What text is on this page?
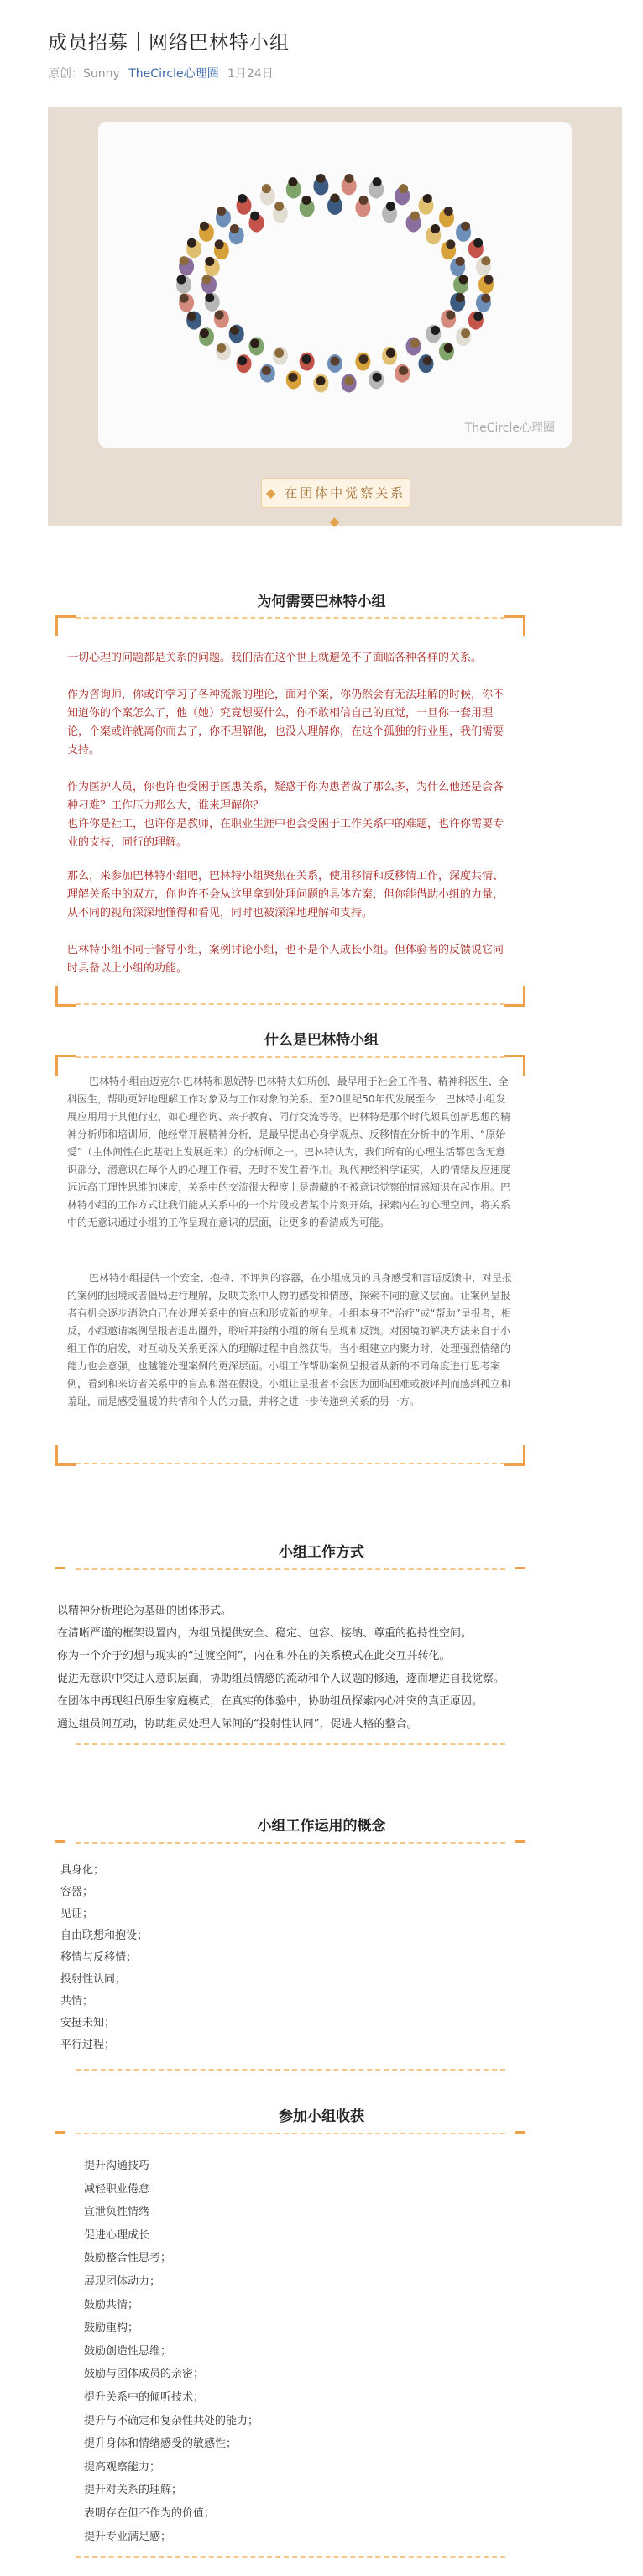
成员招募｜网络巴林特小组
原创：Sunny TheCircle心理圈 1月24日
TheCircle心理圈
◆ 在团体中觉察关系 ◆
为何需要巴林特小组
一切心理的问题都是关系的问题。我们活在这个世上就避免不了面临各种各样的关系。
作为咨询师，你或许学习了各种流派的理论，面对个案，你仍然会有无法理解的时候，你不知道你的个案怎么了，他（她）究竟想要什么，你不敢相信自己的直觉，一旦你一套用理论，个案或许就离你而去了，你不理解他，也没人理解你，在这个孤独的行业里，我们需要支持。
作为医护人员，你也许也受困于医患关系，疑惑于你为患者做了那么多，为什么他还是会各种刁难？工作压力那么大，谁来理解你？
也许你是社工，也许你是教师，在职业生涯中也会受困于工作关系中的难题，也许你需要专业的支持，同行的理解。
那么，来参加巴林特小组吧，巴林特小组聚焦在关系，使用移情和反移情工作，深度共情、理解关系中的双方，你也许不会从这里拿到处理问题的具体方案，但你能借助小组的力量，从不同的视角深深地懂得和看见，同时也被深深地理解和支持。
巴林特小组不同于督导小组，案例讨论小组，也不是个人成长小组。但体验者的反馈说它同时具备以上小组的功能。
什么是巴林特小组
巴林特小组由迈克尔·巴林特和恩妮特·巴林特夫妇所创，最早用于社会工作者、精神科医生、全科医生，帮助更好地理解工作对象及与工作对象的关系。至20世纪50年代发展至今，巴林特小组发展应用用于其他行业，如心理咨询、亲子教育、同行交流等等。巴林特是那个时代颇具创新思想的精神分析师和培训师，他经常开展精神分析，是最早提出心身学观点、反移情在分析中的作用、“原始爱”（主体间性在此基础上发展起来）的分析师之一。巴林特认为，我们所有的心理生活都包含无意识部分，潜意识在每个人的心理工作着，无时不发生着作用。现代神经科学证实，人的情绪反应速度远远高于理性思维的速度，关系中的交流很大程度上是潜藏的不被意识觉察的情感知识在起作用。巴林特小组的工作方式让我们能从关系中的一个片段或者某个片刻开始，探索内在的心理空间，将关系中的无意识通过小组的工作呈现在意识的层面，让更多的看清成为可能。
巴林特小组提供一个安全、抱持、不评判的容器，在小组成员的具身感受和言语反馈中，对呈报的案例的困境或者僵局进行理解，反映关系中人物的感受和情感，探索不同的意义层面。让案例呈报者有机会逐步消除自己在处理关系中的盲点和形成新的视角。小组本身不“治疗”或“帮助”呈报者，相反，小组邀请案例呈报者退出圈外，聆听并接纳小组的所有呈现和反馈。对困境的解决方法来自于小组工作的启发，对互动及关系更深入的理解过程中自然获得。当小组建立内聚力时，处理强烈情绪的能力也会意强，也越能处理案例的更深层面。小组工作帮助案例呈报者从新的不同角度进行思考案例，看到和来访者关系中的盲点和潜在假设。小组让呈报者不会因为面临困难或被评判而感到孤立和羞耻，而是感受温暖的共情和个人的力量，并将之进一步传递到关系的另一方。
小组工作方式
以精神分析理论为基础的团体形式。
在清晰严谨的框架设置内，为组员提供安全、稳定、包容、接纳、尊重的抱持性空间。
你为一个介于幻想与现实的“过渡空间”，内在和外在的关系模式在此交互并转化。
促进无意识中突进入意识层面，协助组员情感的流动和个人议题的修通，逐而增进自我觉察。
在团体中再现组员原生家庭模式，在真实的体验中，协助组员探索内心冲突的真正原因。
通过组员间互动，协助组员处理人际间的“投射性认同”，促进人格的整合。
小组工作运用的概念
具身化；
容器；
见证；
自由联想和抱设；
移情与反移情；
投射性认同；
共情；
安挺未知；
平行过程；
参加小组收获
提升沟通技巧
减轻职业倦怠
宣泄负性情绪
促进心理成长
鼓励整合性思考；
展现团体动力；
鼓励共情；
鼓励重构；
鼓励创造性思维；
鼓励与团体成员的亲密；
提升关系中的倾听技术；
提升与不确定和复杂性共处的能力；
提升身体和情绪感受的敏感性；
提高观察能力；
提升对关系的理解；
表明存在但不作为的价值；
提升专业满足感；
